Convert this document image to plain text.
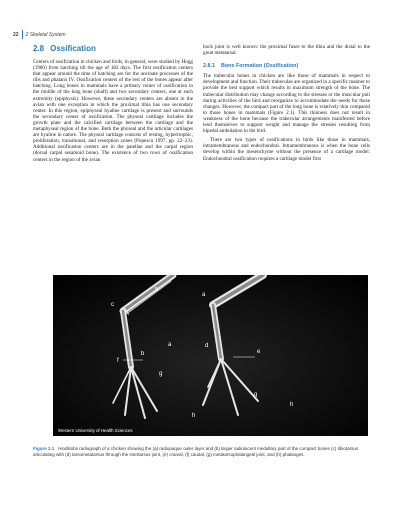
22 2 Skeletal System
2.8 Ossification

Centers of ossification in chicken and birds, in general, were studied by Hogg (1980) from hatching till the age of 182 days. The first ossification centers that appear around the time of hatching are for the uncinate processes of the ribs and phalanx IV. Ossification centers of the rest of the bones appear after hatching. Long bones in mammals have a primary center of ossification in the middle of the long bone (shaft) and two secondary centers, one at each extremity (epiphysis). However, these secondary centers are absent in the avian with one exception in which the proximal tibia has one secondary center. In this region, epiphyseal hyaline cartilage is present and surrounds the secondary center of ossification. The physeal cartilage includes the growth plate and the calcified cartilage between the cartilage and the metaphyseal region of the bone. Both the physeal and the articular cartilages are hyaline in nature. The physeal cartilage consists of resting, hypertrophic, proliferation, transitional, and resorption zones (Popescu 1997, pp. 22–23). Additional ossification centers are in the patellae and the carpal region (dorsal carpal sesamoid bone). The existence of two rows of ossification centers in the region of the avian

hock joint is well known: the proximal fuses to the tibia and the distal to the great metatarsal.

2.8.1 Bone Formation (Ossification)

The trabecular bones in chicken are like those of mammals in respect to development and function. Their trabeculae are organized in a specific manner to provide the best support which results in maximum strength of the bone. The trabecular distribution may change according to the stresses or the muscular pull during activities of the bird and reorganize to accommodate the needs for these changes. However, the compact part of the long bone is relatively thin compared to those bones in mammals (Figure 2.1). This thinness does not result in weakness of the bone because the trabecular arrangements manifested before lend themselves to support weight and manage the stresses resulting from bipedal ambulation in the bird.

There are two types of ossifications in birds like those in mammals, intramembranous and endochondral. Intramembranous is when the bone cells develop within the mesenchyme without the presence of a cartilage model. Endochondral ossification requires a cartilage model first

b
a
c
a
b
d
e
f
g
g
h
h
Western University of Health Sciences

Figure 2.1 Hindlimbs radiograph of a chicken showing the (a) radiopaque outer layer and (b) larger radiolucent medullary part of the compact bones (c) tibiotarsus articulating with (d) tarsometatarsus through the intertarsus joint, (e) cranial, (f) caudal, (g) metatarsophalangeal joint, and (h) phalanges.
